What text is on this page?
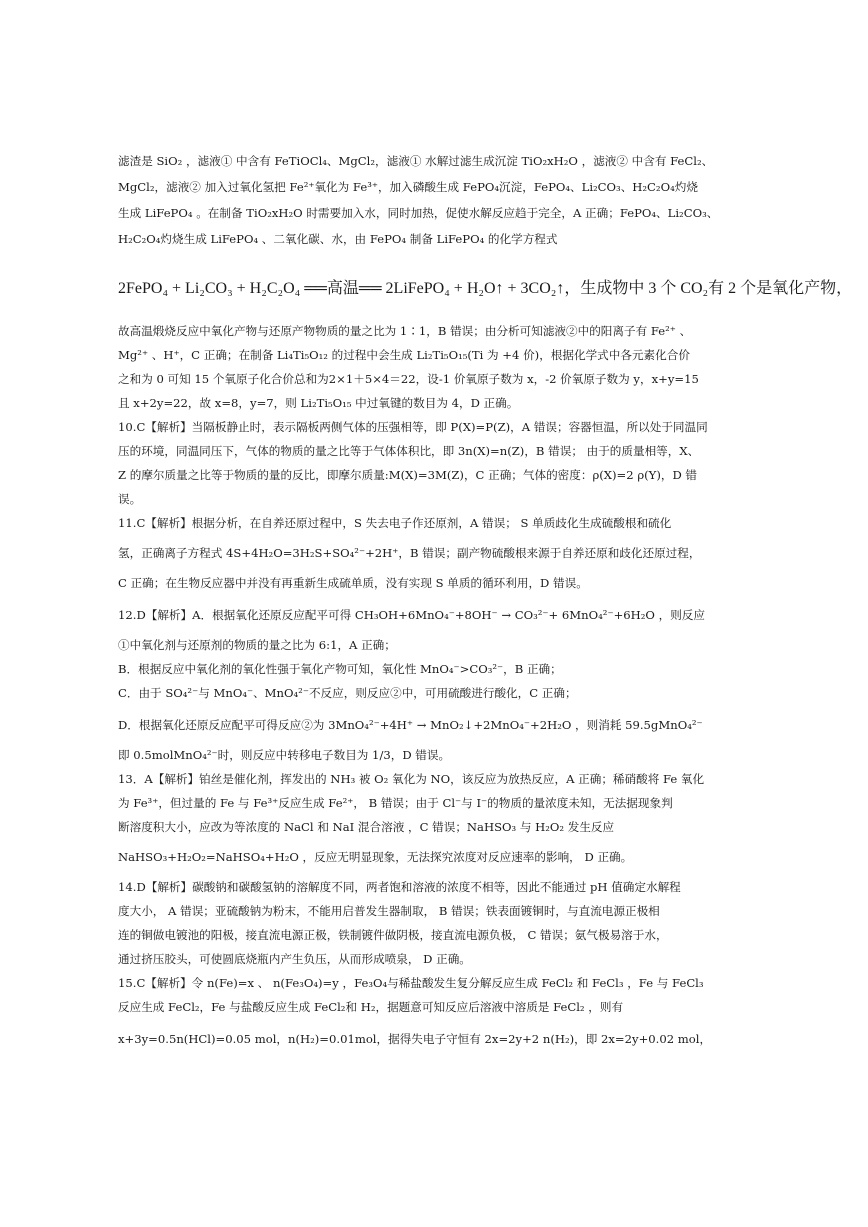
滤渣是 SiO₂ ，滤液① 中含有 FeTiOCl₄、MgCl₂，滤液① 水解过滤生成沉淀 TiO₂xH₂O ，滤液② 中含有 FeCl₂、
MgCl₂，滤液② 加入过氧化氢把 Fe²⁺氧化为 Fe³⁺，加入磷酸生成 FePO₄沉淀，FePO₄、Li₂CO₃、H₂C₂O₄灼烧
生成 LiFePO₄ 。在制备 TiO₂xH₂O 时需要加入水，同时加热，促使水解反应趋于完全，A 正确；FePO₄、Li₂CO₃、
H₂C₂O₄灼烧生成 LiFePO₄ 、二氧化碳、水，由 FePO₄ 制备 LiFePO₄ 的化学方程式
2FePO₄ + Li₂CO₃ + H₂C₂O₄ ══高温══ 2LiFePO₄ + H₂O↑ + 3CO₂↑，生成物中 3 个 CO₂有 2 个是氧化产物，
故高温煅烧反应中氧化产物与还原产物物质的量之比为 1∶1，B 错误；由分析可知滤液②中的阳离子有 Fe²⁺ 、
Mg²⁺ 、H⁺，C 正确；在制备 Li₄Ti₅O₁₂ 的过程中会生成 Li₂Ti₅O₁₅(Ti 为 +4 价)，根据化学式中各元素化合价
之和为 0 可知 15 个氧原子化合价总和为2×1＋5×4＝22，设-1 价氧原子数为 x，-2 价氧原子数为 y，x+y=15
且 x+2y=22，故 x=8，y=7，则 Li₂Ti₅O₁₅ 中过氧键的数目为 4，D 正确。
10.C【解析】当隔板静止时，表示隔板两侧气体的压强相等，即 P(X)=P(Z)，A 错误；容器恒温，所以处于同温同
压的环境，同温同压下，气体的物质的量之比等于气体体积比，即 3n(X)=n(Z)，B 错误； 由于的质量相等，X、
Z 的摩尔质量之比等于物质的量的反比，即摩尔质量:M(X)=3M(Z)，C 正确；气体的密度：ρ(X)=2 ρ(Y)，D 错
误。
11.C【解析】根据分析，在自养还原过程中，S 失去电子作还原剂，A 错误； S 单质歧化生成硫酸根和硫化
氢，正确离子方程式 4S+4H₂O=3H₂S+SO₄²⁻+2H⁺，B 错误；副产物硫酸根来源于自养还原和歧化还原过程，
C 正确；在生物反应器中并没有再重新生成硫单质，没有实现 S 单质的循环利用，D 错误。
12.D【解析】A．根据氧化还原反应配平可得 CH₃OH+6MnO₄⁻+8OH⁻ → CO₃²⁻+ 6MnO₄²⁻+6H₂O ，则反应
①中氧化剂与还原剂的物质的量之比为 6:1，A 正确；
B．根据反应中氧化剂的氧化性强于氧化产物可知，氧化性 MnO₄⁻>CO₃²⁻，B 正确；
C．由于 SO₄²⁻与 MnO₄⁻、MnO₄²⁻不反应，则反应②中，可用硫酸进行酸化，C 正确；
D．根据氧化还原反应配平可得反应②为 3MnO₄²⁻+4H⁺ → MnO₂↓+2MnO₄⁻+2H₂O ，则消耗 59.5gMnO₄²⁻
即 0.5molMnO₄²⁻时，则反应中转移电子数目为 1/3，D 错误。
13．A【解析】铂丝是催化剂，挥发出的 NH₃ 被 O₂ 氧化为 NO，该反应为放热反应，A 正确；稀硝酸将 Fe 氧化
为 Fe³⁺，但过量的 Fe 与 Fe³⁺反应生成 Fe²⁺， B 错误；由于 Cl⁻与 I⁻的物质的量浓度未知，无法据现象判
断溶度积大小，应改为等浓度的 NaCl 和 NaI 混合溶液 ，C 错误；NaHSO₃ 与 H₂O₂ 发生反应
NaHSO₃+H₂O₂=NaHSO₄+H₂O ，反应无明显现象，无法探究浓度对反应速率的影响， D 正确。
14.D【解析】碳酸钠和碳酸氢钠的溶解度不同，两者饱和溶液的浓度不相等，因此不能通过 pH 值确定水解程
度大小， A 错误；亚硫酸钠为粉末，不能用启普发生器制取， B 错误；铁表面镀铜时，与直流电源正极相
连的铜做电镀池的阳极，接直流电源正极，铁制镀件做阴极，接直流电源负极， C 错误；氨气极易溶于水，
通过挤压胶头，可使圆底烧瓶内产生负压，从而形成喷泉， D 正确。
15.C【解析】令 n(Fe)=x 、 n(Fe₃O₄)=y ，Fe₃O₄与稀盐酸发生复分解反应生成 FeCl₂ 和 FeCl₃ ，Fe 与 FeCl₃
反应生成 FeCl₂，Fe 与盐酸反应生成 FeCl₂和 H₂，据题意可知反应后溶液中溶质是 FeCl₂ ，则有
x+3y=0.5n(HCl)=0.05 mol，n(H₂)=0.01mol，据得失电子守恒有 2x=2y+2 n(H₂)，即 2x=2y+0.02 mol，
